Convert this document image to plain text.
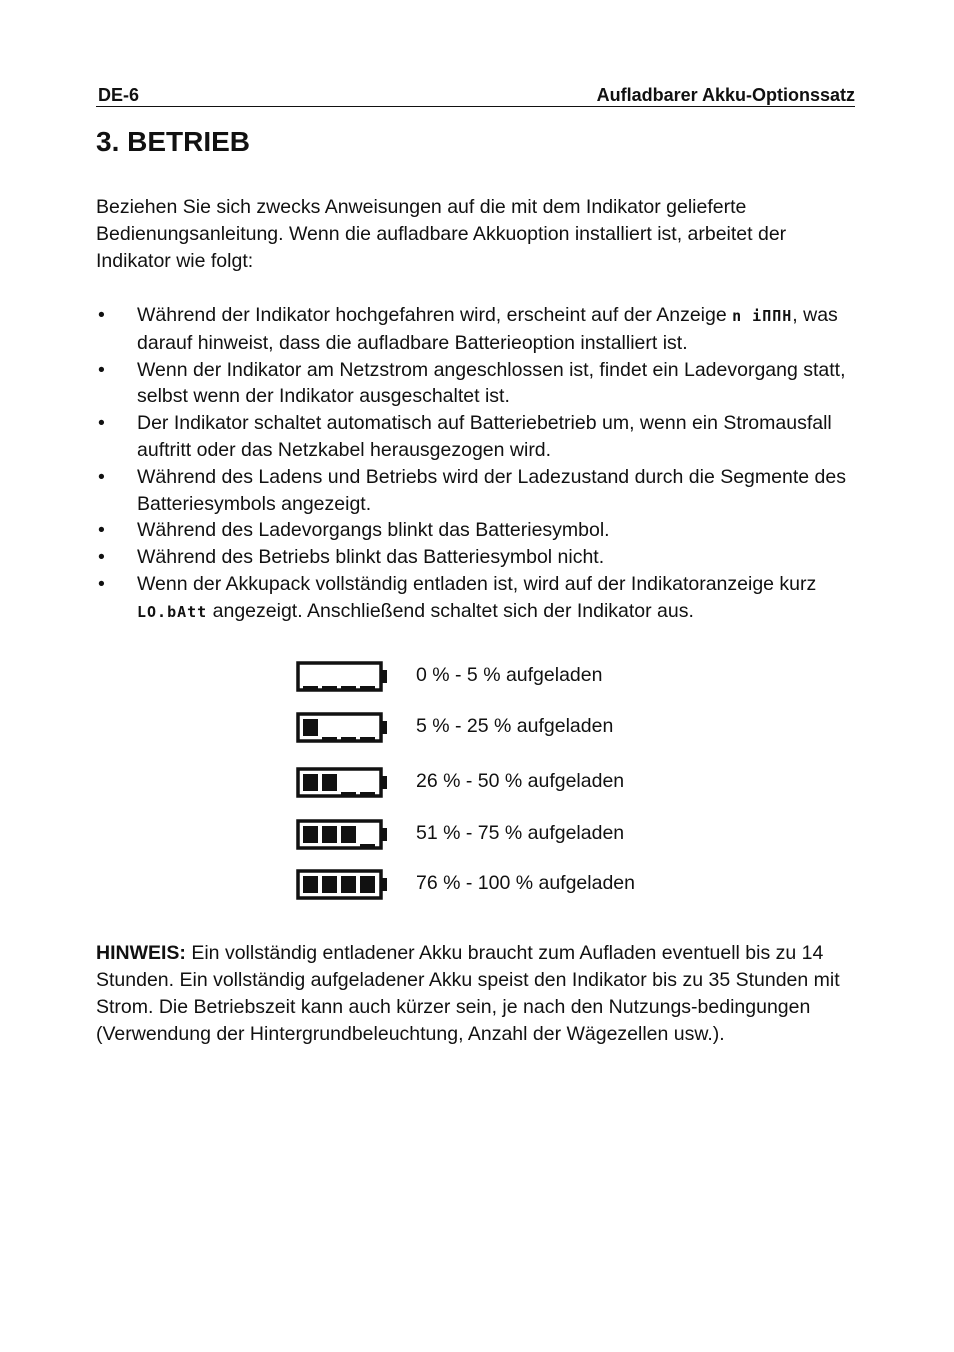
DE-6	Aufladbarer Akku-Optionssatz
3. BETRIEB

Beziehen Sie sich zwecks Anweisungen auf die mit dem Indikator gelieferte Bedienungsanleitung. Wenn die aufladbare Akkuoption installiert ist, arbeitet der Indikator wie folgt:

• Während der Indikator hochgefahren wird, erscheint auf der Anzeige n iΠΠH, was darauf hinweist, dass die aufladbare Batterieoption installiert ist.
• Wenn der Indikator am Netzstrom angeschlossen ist, findet ein Ladevorgang statt, selbst wenn der Indikator ausgeschaltet ist.
• Der Indikator schaltet automatisch auf Batteriebetrieb um, wenn ein Stromausfall auftritt oder das Netzkabel herausgezogen wird.
• Während des Ladens und Betriebs wird der Ladezustand durch die Segmente des Batteriesymbols angezeigt.
• Während des Ladevorgangs blinkt das Batteriesymbol.
• Während des Betriebs blinkt das Batteriesymbol nicht.
• Wenn der Akkupack vollständig entladen ist, wird auf der Indikatoranzeige kurz LO.bAtt angezeigt. Anschließend schaltet sich der Indikator aus.
0 % - 5 % aufgeladen
5 % - 25 % aufgeladen
26 % - 50 % aufgeladen
51 % - 75 % aufgeladen
76 % - 100 % aufgeladen

HINWEIS: Ein vollständig entladener Akku braucht zum Aufladen eventuell bis zu 14 Stunden. Ein vollständig aufgeladener Akku speist den Indikator bis zu 35 Stunden mit Strom. Die Betriebszeit kann auch kürzer sein, je nach den Nutzungs-bedingungen (Verwendung der Hintergrundbeleuchtung, Anzahl der Wägezellen usw.).
